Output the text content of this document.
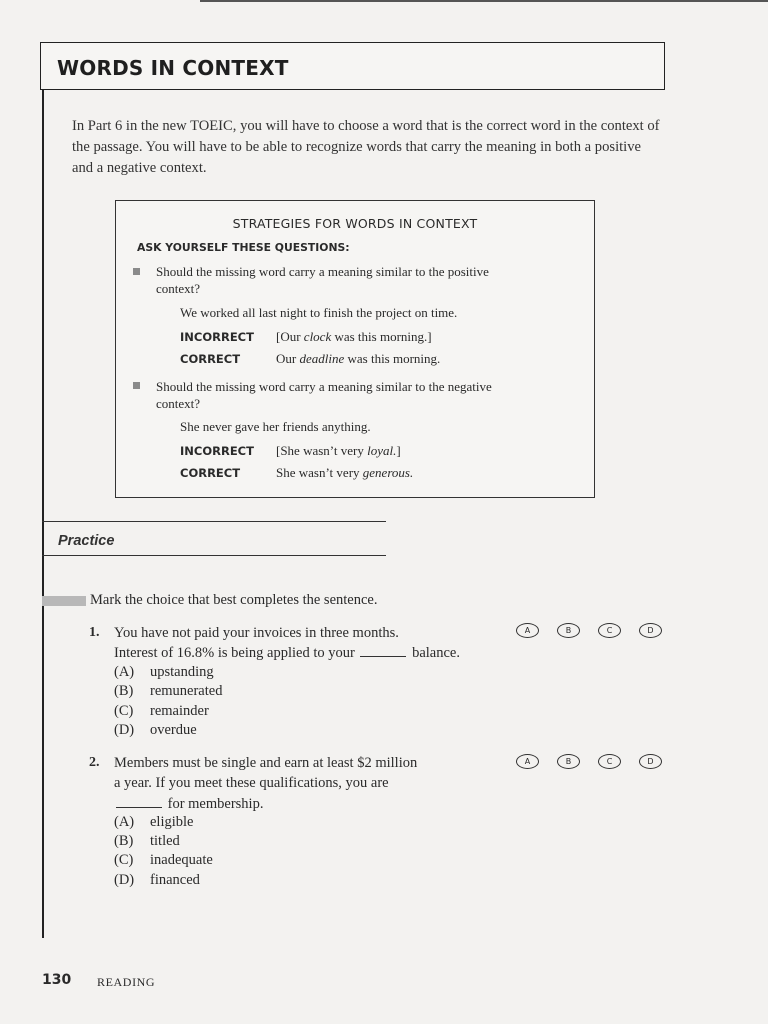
WORDS IN CONTEXT
In Part 6 in the new TOEIC, you will have to choose a word that is the correct word in the context of the passage. You will have to be able to recognize words that carry the meaning in both a positive and a negative context.
STRATEGIES FOR WORDS IN CONTEXT
ASK YOURSELF THESE QUESTIONS:
Should the missing word carry a meaning similar to the positive
context?
We worked all last night to finish the project on time.
INCORRECT [Our clock was this morning.]
CORRECT	Our deadline was this morning.
Should the missing word carry a meaning similar to the negative
context?
She never gave her friends anything.
INCORRECT [She wasn’t very loyal.]
CORRECT	She wasn’t very generous.
Practice
Mark the choice that best completes the sentence.
1. You have not paid your invoices in three months.
Interest of 16.8% is being applied to your	balance.
(A) upstanding
(B) remunerated
(C) remainder
(D) overdue
A	B	C	D
2. Members must be single and earn at least $2 million
a year. If you meet these qualifications, you are
for membership.
(A) eligible
(B) titled
(C) inadequate
(D) financed
A	B	C	D
130 READING
